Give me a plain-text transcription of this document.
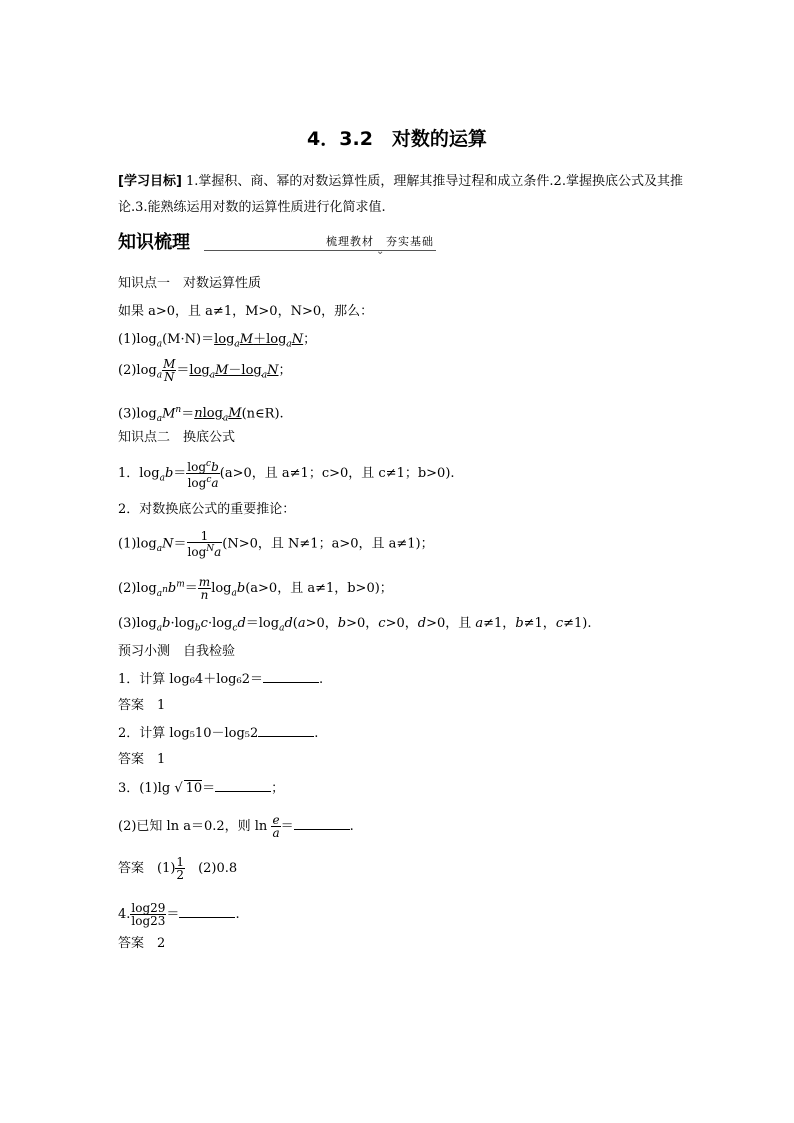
4．3.2　对数的运算
[学习目标] 1.掌握积、商、幂的对数运算性质，理解其推导过程和成立条件.2.掌握换底公式及其推论.3.能熟练运用对数的运算性质进行化简求值.
知识梳理	梳理教材　夯实基础
⌄
知识点一　对数运算性质
如果 a>0，且 a≠1，M>0，N>0，那么：
$(1)\log_a(M\cdot N)=\log_aM+\log_aN$；
$(2)\log_a \frac{M}{N} =\log_aM-\log_aN$；
$(3)\log_aM^n=nlog_aM(n\in R)$.
知识点二　换底公式
1．$\log_ab= \frac{\log^cb}{\log^ca} (a>0$，且 a≠1；c>0，且 c≠1；b>0).
2．对数换底公式的重要推论：
$(1)\log_aN= \frac{1}{\log^Na} (N>0$，且 N≠1；a>0，且 a≠1)；
$(2)\log_{a^n}b^m= \frac{m}{n} \log_ab(a>0$，且 a≠1，b>0)；
$(3)\log_ab\cdot\log_bc\cdot\log_cd=\log_ad(a>0$，b>0，c>0，d>0，且 a≠1，b≠1，c≠1).
预习小测　自我检验
1．计算 log₆4＋log₆2＝	.
答案　1
2．计算 log₅10－log₅2	.
答案　1
3．(1)lg √ 10＝	；
(2)已知 ln a＝0.2，则 $\ln \frac{e}{a}$ ＝	.
答案　$(1) \frac{1}{2}$ 　(2)0.8
4. $\frac{\log 29}{\log 23}$ ＝	.
答案　2
